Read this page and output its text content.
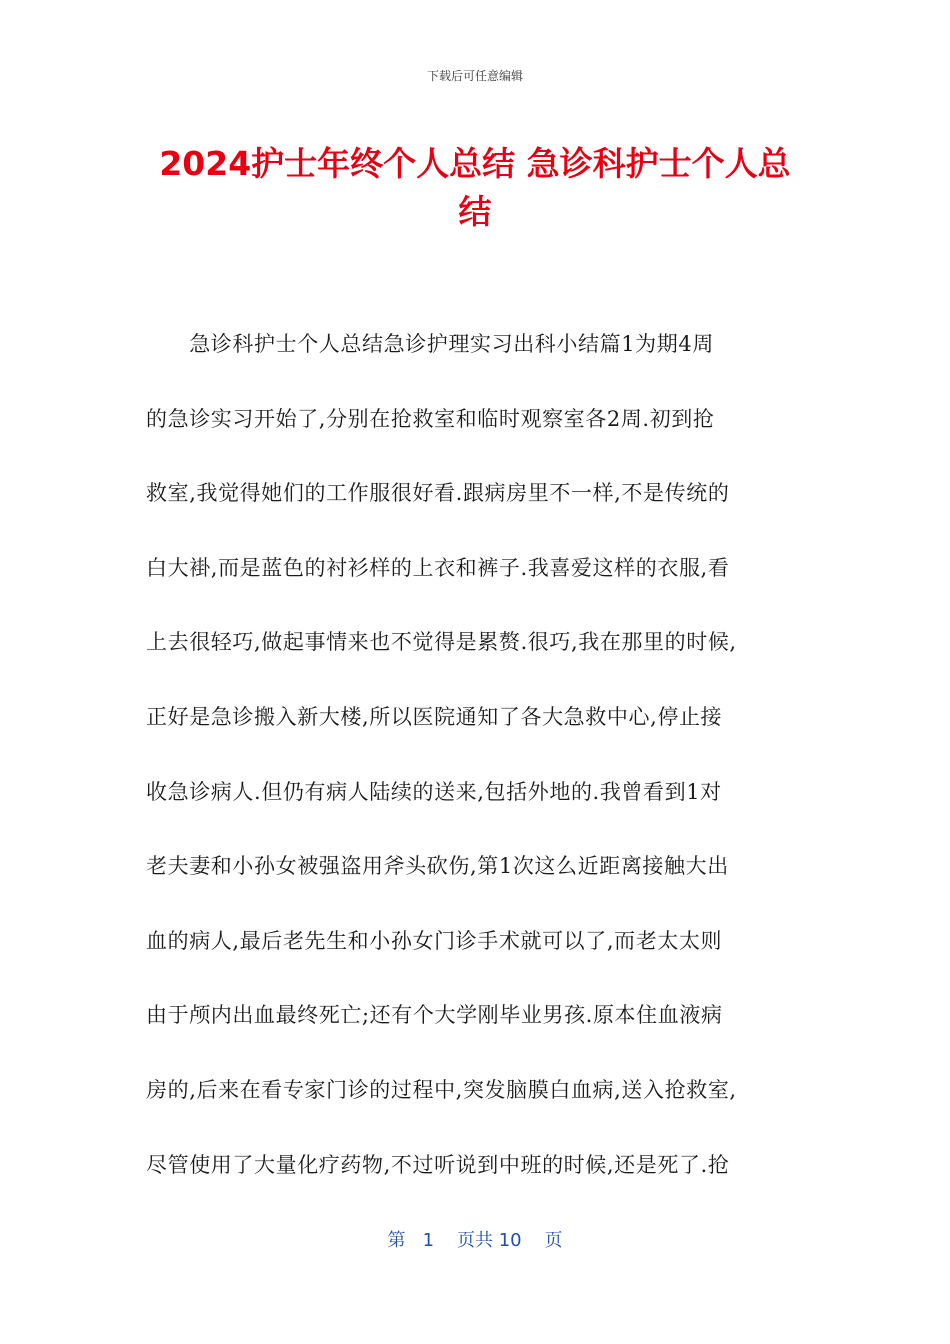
下载后可任意编辑
2024护士年终个人总结 急诊科护士个人总
结
　　急诊科护士个人总结急诊护理实习出科小结篇1为期4周
的急诊实习开始了,分别在抢救室和临时观察室各2周.初到抢
救室,我觉得她们的工作服很好看.跟病房里不一样,不是传统的
白大褂,而是蓝色的衬衫样的上衣和裤子.我喜爱这样的衣服,看
上去很轻巧,做起事情来也不觉得是累赘.很巧,我在那里的时候,
正好是急诊搬入新大楼,所以医院通知了各大急救中心,停止接
收急诊病人.但仍有病人陆续的送来,包括外地的.我曾看到1对
老夫妻和小孙女被强盗用斧头砍伤,第1次这么近距离接触大出
血的病人,最后老先生和小孙女门诊手术就可以了,而老太太则
由于颅内出血最终死亡;还有个大学刚毕业男孩.原本住血液病
房的,后来在看专家门诊的过程中,突发脑膜白血病,送入抢救室,
尽管使用了大量化疗药物,不过听说到中班的时候,还是死了.抢
第 1 页共 10 页
